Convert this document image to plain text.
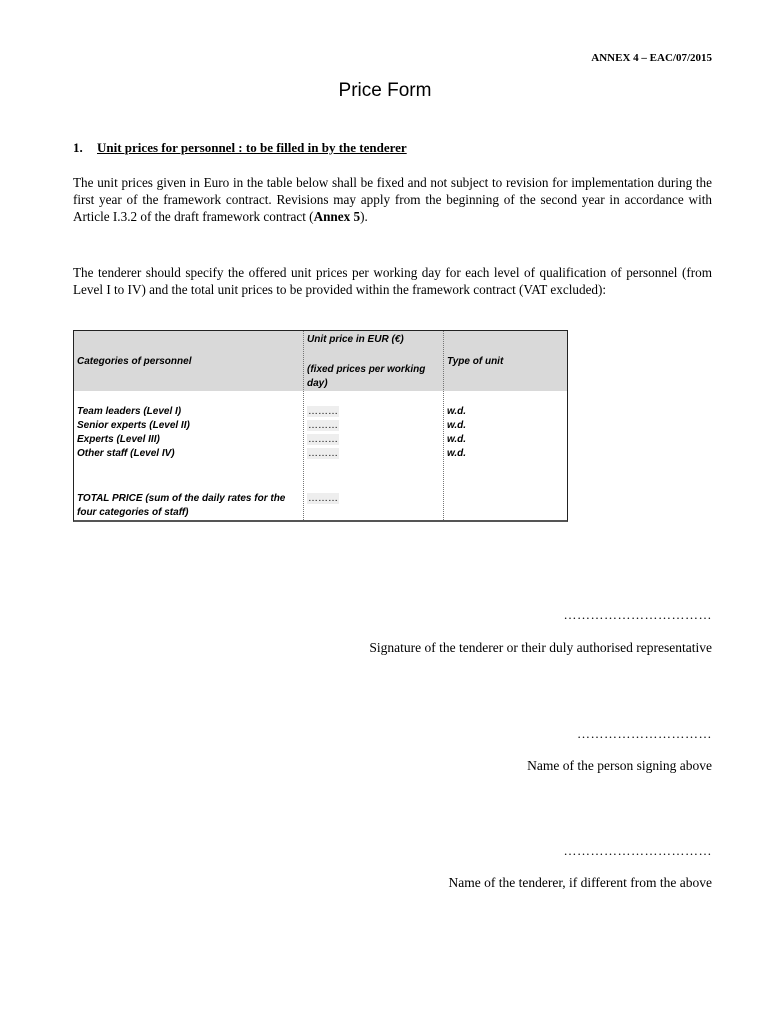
ANNEX 4 – EAC/07/2015
Price Form
1. Unit prices for personnel : to be filled in by the tenderer
The unit prices given in Euro in the table below shall be fixed and not subject to revision for implementation during the first year of the framework contract. Revisions may apply from the beginning of the second year in accordance with Article I.3.2 of the draft framework contract (Annex 5).
The tenderer should specify the offered unit prices per working day for each level of qualification of personnel (from Level I to IV) and the total unit prices to be provided within the framework contract (VAT excluded):
Categories of personnel
Unit price in EUR (€)
(fixed prices per working day)
Type of unit
Team leaders (Level I)
Senior experts (Level II)
Experts (Level III)
Other staff (Level IV)
………
………
………
………
w.d.
w.d.
w.d.
w.d.
TOTAL PRICE (sum of the daily rates for the four categories of staff)
………
……………………………
Signature of the tenderer or their duly authorised representative
…………………………
Name of the person signing above
……………………………
Name of the tenderer, if different from the above
